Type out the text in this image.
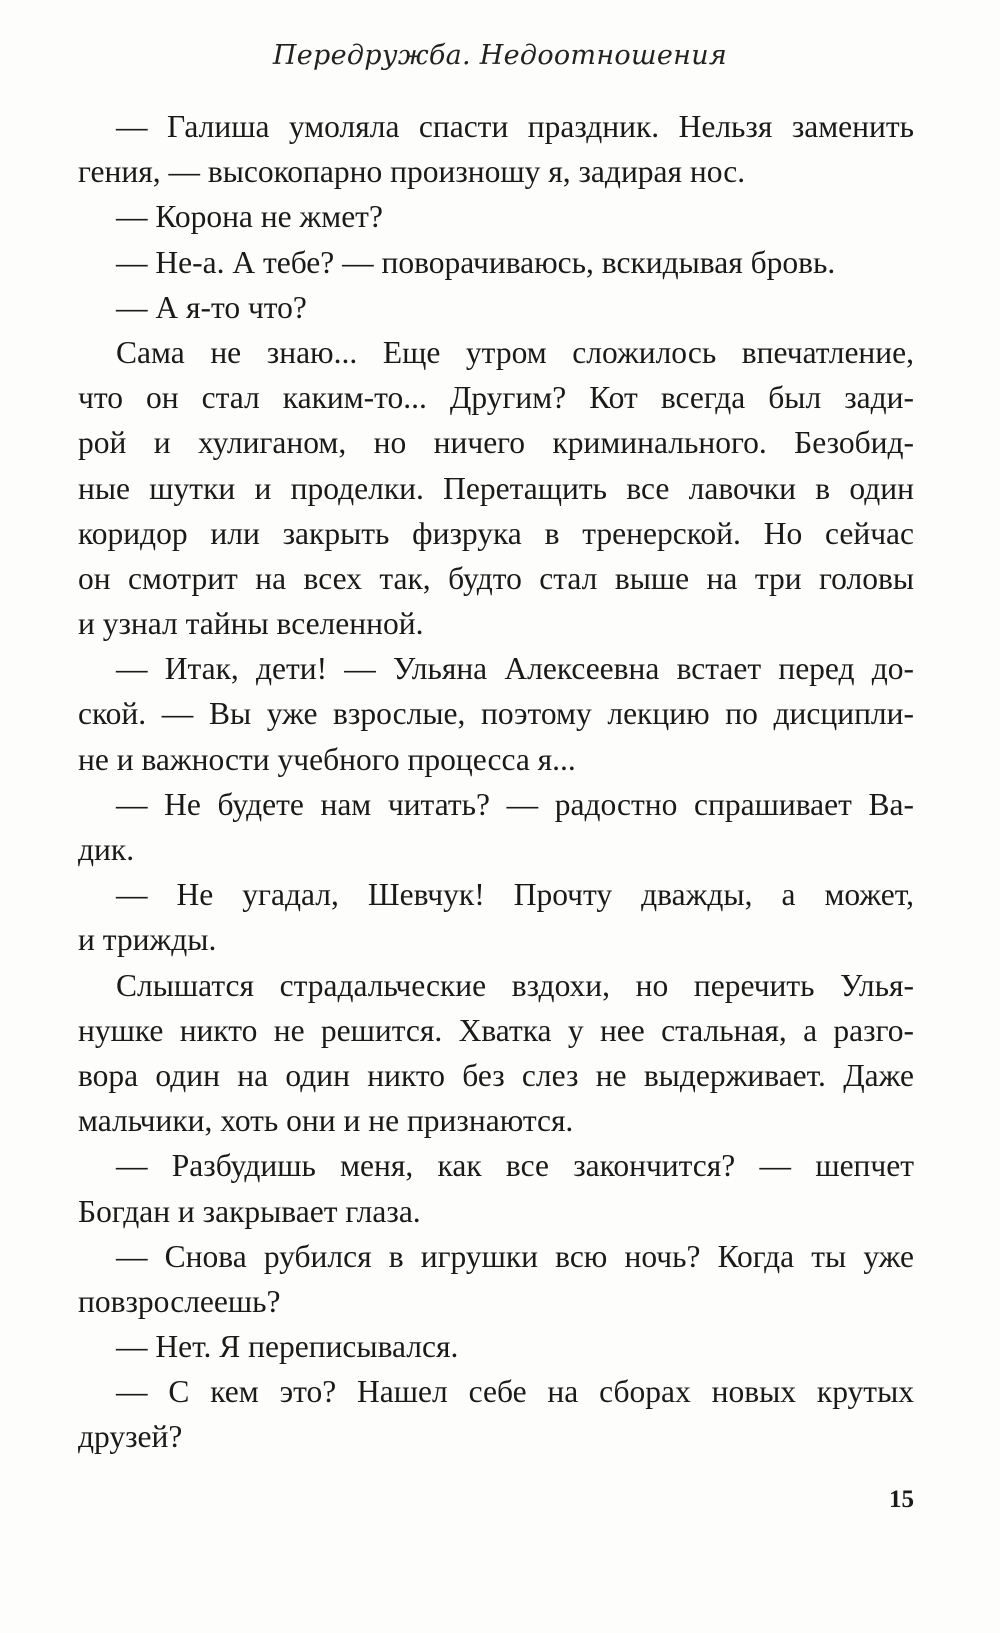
Передружба. Недоотношения
— Галиша умоляла спасти праздник. Нельзя заменить
гения, — высокопарно произношу я, задирая нос.
— Корона не жмет?
— Не-а. А тебе? — поворачиваюсь, вскидывая бровь.
— А я-то что?
Сама не знаю... Еще утром сложилось впечатление,
что он стал каким-то... Другим? Кот всегда был зади-
рой и хулиганом, но ничего криминального. Безобид-
ные шутки и проделки. Перетащить все лавочки в один
коридор или закрыть физрука в тренерской. Но сейчас
он смотрит на всех так, будто стал выше на три головы
и узнал тайны вселенной.
— Итак, дети! — Ульяна Алексеевна встает перед до-
ской. — Вы уже взрослые, поэтому лекцию по дисципли-
не и важности учебного процесса я...
— Не будете нам читать? — радостно спрашивает Ва-
дик.
— Не угадал, Шевчук! Прочту дважды, а может,
и трижды.
Слышатся страдальческие вздохи, но перечить Улья-
нушке никто не решится. Хватка у нее стальная, а разго-
вора один на один никто без слез не выдерживает. Даже
мальчики, хоть они и не признаются.
— Разбудишь меня, как все закончится? — шепчет
Богдан и закрывает глаза.
— Снова рубился в игрушки всю ночь? Когда ты уже
повзрослеешь?
— Нет. Я переписывался.
— С кем это? Нашел себе на сборах новых крутых
друзей?
15
